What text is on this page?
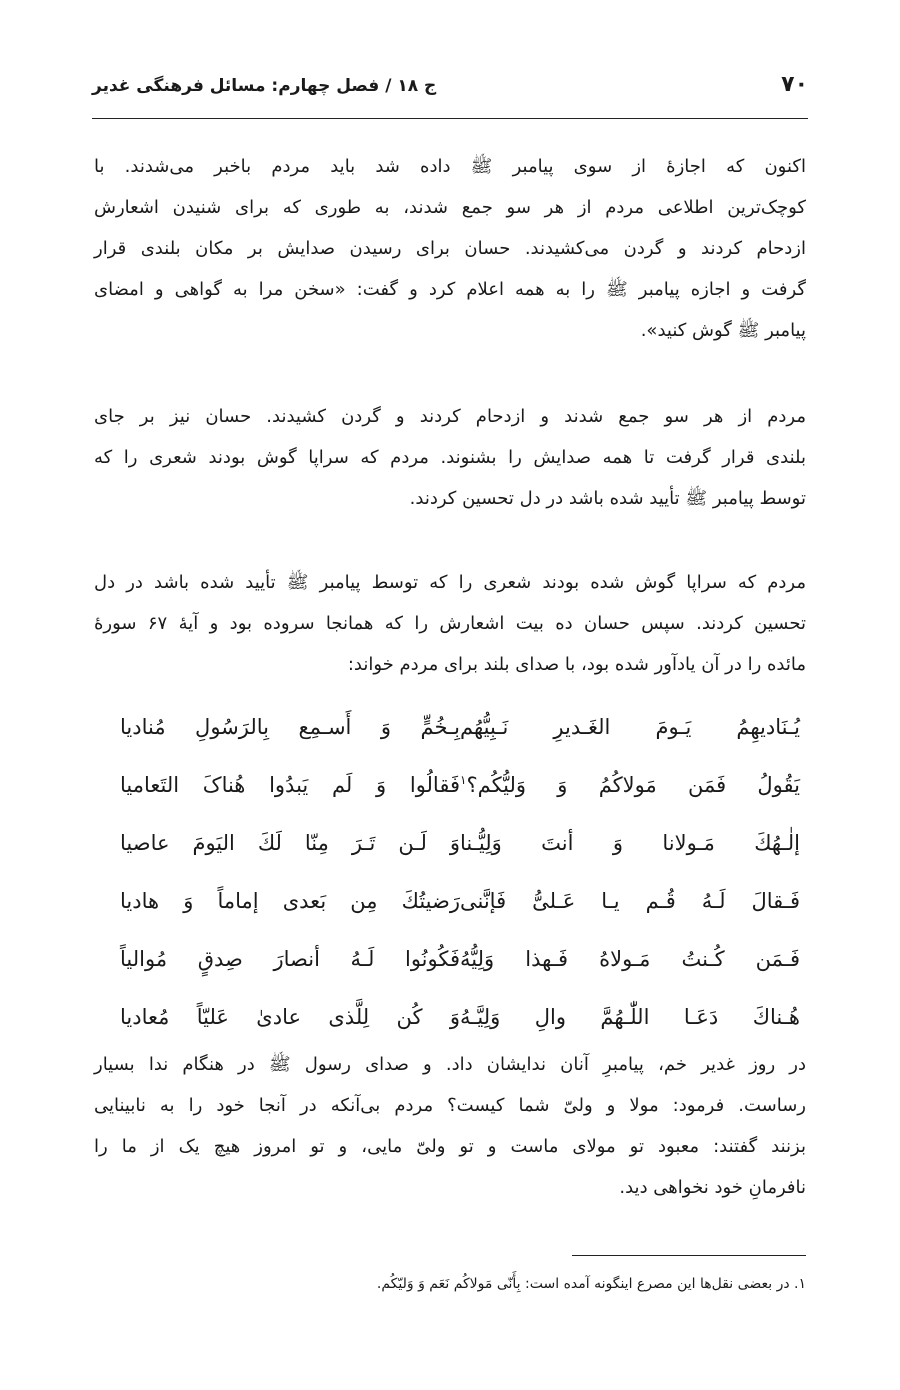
۷۰
ج ۱۸ / فصل چهارم: مسائل فرهنگی غدیر
اکنون که اجازهٔ از سوی پیامبر ﷺ داده شد باید مردم باخبر می‌شدند. با
کوچک‌ترین اطلاعی مردم از هر سو جمع شدند، به طوری که برای شنیدن اشعارش
ازدحام کردند و گردن می‌کشیدند. حسان برای رسیدن صدایش بر مکان بلندی قرار
گرفت و اجازه پیامبر ﷺ را به همه اعلام کرد و گفت: «سخن مرا به گواهی و امضای
پیامبر ﷺ گوش کنید».
مردم از هر سو جمع شدند و ازدحام کردند و گردن کشیدند. حسان نیز بر جای
بلندی قرار گرفت تا همه صدایش را بشنوند. مردم که سراپا گوش بودند شعری را که
توسط پیامبر ﷺ تأیید شده باشد در دل تحسین کردند.
مردم که سراپا گوش شده بودند شعری را که توسط پیامبر ﷺ تأیید شده باشد در دل
تحسین کردند. سپس حسان ده بیت اشعارش را که همانجا سروده بود و آیهٔ ۶۷ سورهٔ
مائده را در آن یادآور شده بود، با صدای بلند برای مردم خواند:
یُـنَادیهِمُ یَـومَ الغَـدیرِ نَـبِیُّهُم
بِـخُمٍّ وَ أَسـمِع بِالرَسُولِ مُنادیا
یَقُولُ فَمَن مَولاکُمُ وَ وَلیُّکُم؟$^۱$
فَقالُوا وَ لَم یَبدُوا هُناکَ التَعامیا
إلٰـهُكَ مَـولانا وَ أنتَ وَلِیُّـنا
وَ لَـن تَـرَ مِنّا لَكَ الیَومَ عاصیا
فَـقالَ لَـهُ قُـم یـا عَـلیُّ فَإنَّنی
رَضیتُكَ مِن بَعدی إماماً وَ هادیا
فَـمَن کُـنتُ مَـولاهُ فَـهذا وَلِیُّهُ
فَکُونُوا لَـهُ أنصارَ صِدقٍ مُوالیاً
هُـناكَ دَعَـا اللّٰـهُمَّ والِ وَلِیَّـهُ
وَ کُن لِلَّذی عادیٰ عَلیّاً مُعادیا
در روز غدیر خم، پیامبرِ آنان ندایشان داد. و صدای رسول ﷺ در هنگام ندا بسیار
رساست. فرمود: مولا و ولیّ شما کیست؟ مردم بی‌آنکه در آنجا خود را به نابینایی
بزنند گفتند: معبود تو مولای ماست و تو ولیّ مایی، و تو امروز هیچ یک از ما را
نافرمانِ خود نخواهی دید.
۱. در بعضی نقل‌ها این مصرع اینگونه آمده است: بِأَنّی مَولاکُم نَعَم وَ وَلیّکُم.
